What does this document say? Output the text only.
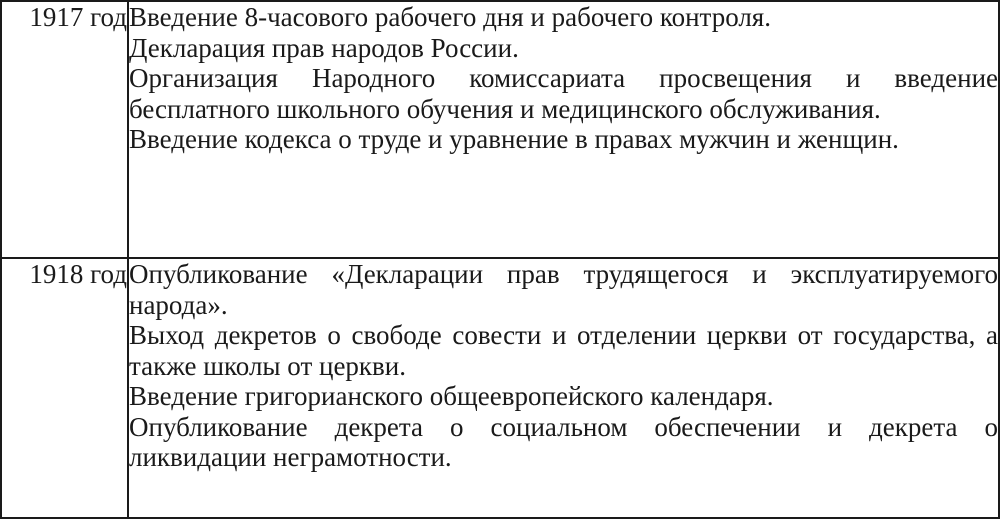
1917 год	Введение 8-часового рабочего дня и рабочего контроля.

Декларация прав народов России.

Организация Народного комиссариата просвещения и введение бесплатного школьного обучения и медицинского обслуживания.

Введение кодекса о труде и уравнение в правах мужчин и женщин.

1918 год	Опубликование «Декларации прав трудящегося и эксплуатируемого народа».

Выход декретов о свободе совести и отделении церкви от государства, а также школы от церкви.

Введение григорианского общеевропейского календаря.

Опубликование декрета о социальном обеспечении и декрета о ликвидации неграмотности.
